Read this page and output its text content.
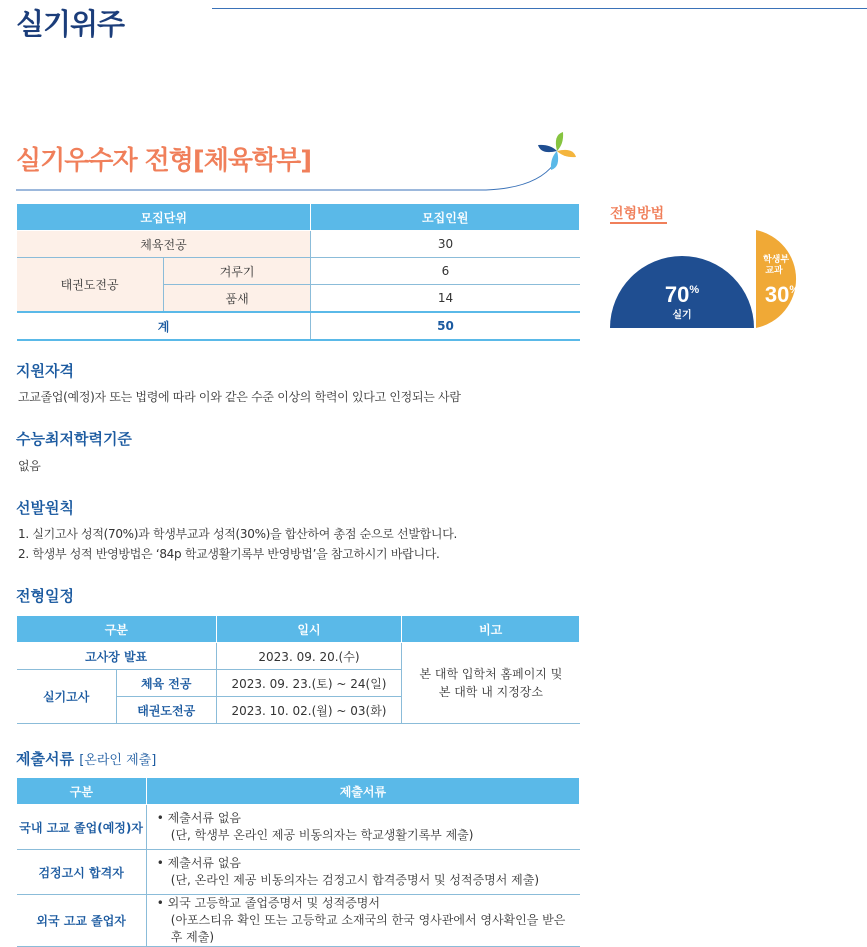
실기위주
실기우수자 전형[체육학부]
모집단위		모집인원
체육전공		30
태권도전공	겨루기	6
	품새	14
계		50
전형방법
70%
실기
학생부
교과
30%
지원자격
고교졸업(예정)자 또는 법령에 따라 이와 같은 수준 이상의 학력이 있다고 인정되는 사람
수능최저학력기준
없음
선발원칙
1. 실기고사 성적(70%)과 학생부교과 성적(30%)을 합산하여 총점 순으로 선발합니다.
2. 학생부 성적 반영방법은 ‘84p 학교생활기록부 반영방법’을 참고하시기 바랍니다.
전형일정
구분		일시	비고
고사장 발표		2023. 09. 20.(수)	본 대학 입학처 홈페이지 및
본 대학 내 지정장소

실기고사	체육 전공	2023. 09. 23.(토) ~ 24(일)	
	태권도전공	2023. 10. 02.(월) ~ 03(화)	
제출서류 [온라인 제출]
구분	제출서류
국내 고교 졸업(예정)자	• 제출서류 없음
(단, 학생부 온라인 제공 비동의자는 학교생활기록부 제출)

검정고시 합격자	• 제출서류 없음
(단, 온라인 제공 비동의자는 검정고시 합격증명서 및 성적증명서 제출)

외국 고교 졸업자	• 외국 고등학교 졸업증명서 및 성적증명서
(아포스티유 확인 또는 고등학교 소재국의 한국 영사관에서 영사확인을 받은 후 제출)
